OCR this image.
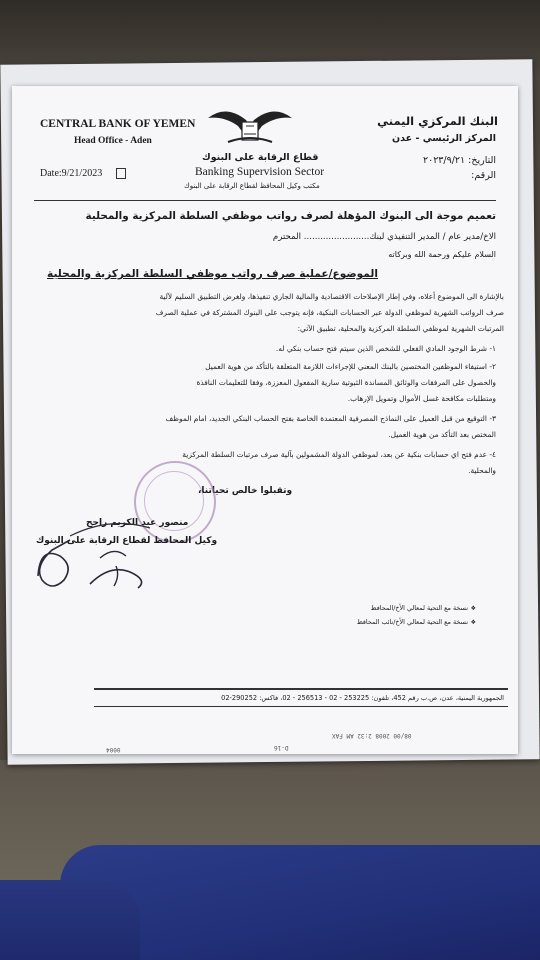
CENTRAL BANK OF YEMEN
Head Office - Aden
Date:9/21/2023
البنك المركزي اليمني
المركز الرئيسي - عدن
التاريخ: ٢٠٢٣/٩/٢١
الرقم:
قطاع الرقابة على البنوك
Banking Supervision Sector
مكتب وكيل المحافظ لقطاع الرقابة على البنوك
تعميم موجة الى البنوك المؤهلة لصرف رواتب موظفي السلطة المركزية والمحلية
الاخ/مدير عام / المدير التنفيذي لبنك........................ المحترم
السلام عليكم ورحمة الله وبركاته
الموضوع/عملية صرف رواتب موظفي السلطة المركزية والمحلية
بالإشارة الى الموضوع أعلاه، وفي إطار الإصلاحات الاقتصادية والمالية الجاري تنفيذها، ولغرض التطبيق السليم لآلية
صرف الرواتب الشهرية لموظفي الدولة عبر الحسابات البنكية، فإنه يتوجب على البنوك المشتركة في عملية الصرف
المرتبات الشهرية لموظفي السلطة المركزية والمحلية، تطبيق الآتي:
١- شرط الوجود المادي الفعلي للشخص الذين سيتم فتح حساب بنكي له.
٢- استيفاء الموظفين المختصين بالبنك المعني للإجراءات اللازمة المتعلقة بالتأكد من هوية العميل
والحصول على المرفقات والوثائق المساندة الثبوتية سارية المفعول المعززة، وفقا للتعليمات النافذة
ومتطلبات مكافحة غسل الأموال وتمويل الإرهاب.
٣- التوقيع من قبل العميل على النماذج المصرفية المعتمدة الخاصة بفتح الحساب البنكي الجديد، امام الموظف
المختص بعد التأكد من هوية العميل.
٤- عدم فتح اي حسابات بنكية عن بعد، لموظفي الدولة المشمولين بآلية صرف مرتبات السلطة المركزية
والمحلية.
وتقبلوا خالص تحياتنا،
منصور عبد الكريم راجح
وكيل المحافظ لقطاع الرقابة على البنوك
نسخة مع التحية لمعالي الأخ/المحافظ ❖
نسخة مع التحية لمعالي الأخ/نائب المحافظ ❖
الجمهورية اليمنية، عدن، ص.ب رقم 452، تلفون: 253225 - 02 - 256513 - 02، فاكس: 290252-02
08/00 2008 2:32 AM FAX
D-16
0004
